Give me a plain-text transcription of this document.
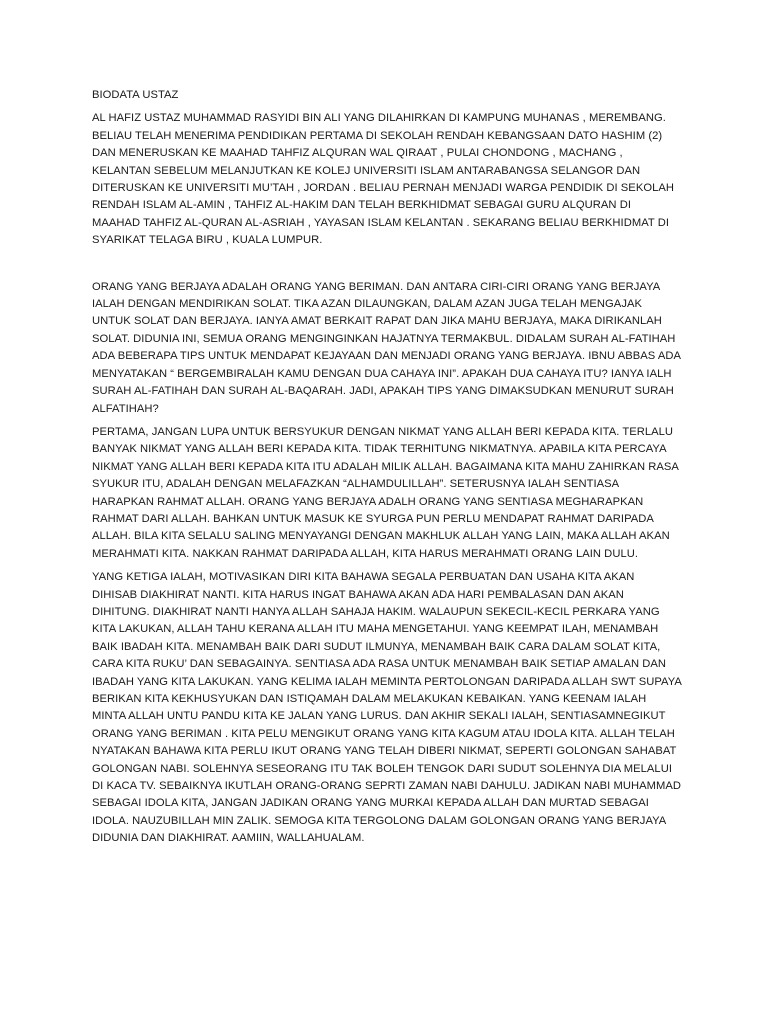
BIODATA USTAZ

AL HAFIZ USTAZ MUHAMMAD RASYIDI BIN ALI YANG DILAHIRKAN DI KAMPUNG MUHANAS , MEREMBANG. BELIAU TELAH MENERIMA PENDIDIKAN PERTAMA DI SEKOLAH RENDAH KEBANGSAAN DATO HASHIM (2) DAN MENERUSKAN KE MAAHAD TAHFIZ ALQURAN WAL QIRAAT , PULAI CHONDONG , MACHANG , KELANTAN SEBELUM MELANJUTKAN KE KOLEJ UNIVERSITI ISLAM ANTARABANGSA SELANGOR DAN DITERUSKAN KE UNIVERSITI MU’TAH , JORDAN . BELIAU PERNAH MENJADI WARGA PENDIDIK DI SEKOLAH RENDAH ISLAM AL-AMIN , TAHFIZ AL-HAKIM DAN TELAH BERKHIDMAT SEBAGAI GURU ALQURAN DI MAAHAD TAHFIZ AL-QURAN AL-ASRIAH , YAYASAN ISLAM KELANTAN . SEKARANG BELIAU BERKHIDMAT DI SYARIKAT TELAGA BIRU , KUALA LUMPUR.

ORANG YANG BERJAYA ADALAH ORANG YANG BERIMAN. DAN ANTARA CIRI-CIRI ORANG YANG BERJAYA IALAH DENGAN MENDIRIKAN SOLAT. TIKA AZAN DILAUNGKAN, DALAM AZAN JUGA TELAH MENGAJAK UNTUK SOLAT DAN BERJAYA. IANYA AMAT BERKAIT RAPAT DAN JIKA MAHU BERJAYA, MAKA DIRIKANLAH SOLAT. DIDUNIA INI, SEMUA ORANG MENGINGINKAN HAJATNYA TERMAKBUL. DIDALAM SURAH AL-FATIHAH ADA BEBERAPA TIPS UNTUK MENDAPAT KEJAYAAN DAN MENJADI ORANG YANG BERJAYA. IBNU ABBAS ADA MENYATAKAN “ BERGEMBIRALAH KAMU DENGAN DUA CAHAYA INI”. APAKAH DUA CAHAYA ITU? IANYA IALH SURAH AL-FATIHAH DAN SURAH AL-BAQARAH. JADI, APAKAH TIPS YANG DIMAKSUDKAN MENURUT SURAH ALFATIHAH?

PERTAMA, JANGAN LUPA UNTUK BERSYUKUR DENGAN NIKMAT YANG ALLAH BERI KEPADA KITA. TERLALU BANYAK NIKMAT YANG ALLAH BERI KEPADA KITA. TIDAK TERHITUNG NIKMATNYA. APABILA KITA PERCAYA NIKMAT YANG ALLAH BERI KEPADA KITA ITU ADALAH MILIK ALLAH. BAGAIMANA KITA MAHU ZAHIRKAN RASA SYUKUR ITU, ADALAH DENGAN MELAFAZKAN “ALHAMDULILLAH”. SETERUSNYA IALAH SENTIASA HARAPKAN RAHMAT ALLAH. ORANG YANG BERJAYA ADALH ORANG YANG SENTIASA MEGHARAPKAN RAHMAT DARI ALLAH. BAHKAN UNTUK MASUK KE SYURGA PUN PERLU MENDAPAT RAHMAT DARIPADA ALLAH. BILA KITA SELALU SALING MENYAYANGI DENGAN MAKHLUK ALLAH YANG LAIN, MAKA ALLAH AKAN MERAHMATI KITA. NAKKAN RAHMAT DARIPADA ALLAH, KITA HARUS MERAHMATI ORANG LAIN DULU.

YANG KETIGA IALAH, MOTIVASIKAN DIRI KITA BAHAWA SEGALA PERBUATAN DAN USAHA KITA AKAN DIHISAB DIAKHIRAT NANTI. KITA HARUS INGAT BAHAWA AKAN ADA HARI PEMBALASAN DAN AKAN DIHITUNG. DIAKHIRAT NANTI HANYA ALLAH SAHAJA HAKIM. WALAUPUN SEKECIL-KECIL PERKARA YANG KITA LAKUKAN, ALLAH TAHU KERANA ALLAH ITU MAHA MENGETAHUI. YANG KEEMPAT ILAH, MENAMBAH BAIK IBADAH KITA. MENAMBAH BAIK DARI SUDUT ILMUNYA, MENAMBAH BAIK CARA DALAM SOLAT KITA, CARA KITA RUKU’ DAN SEBAGAINYA. SENTIASA ADA RASA UNTUK MENAMBAH BAIK SETIAP AMALAN DAN IBADAH YANG KITA LAKUKAN. YANG KELIMA IALAH MEMINTA PERTOLONGAN DARIPADA ALLAH SWT SUPAYA BERIKAN KITA KEKHUSYUKAN DAN ISTIQAMAH DALAM MELAKUKAN KEBAIKAN. YANG KEENAM IALAH MINTA ALLAH UNTU PANDU KITA KE JALAN YANG LURUS. DAN AKHIR SEKALI IALAH, SENTIASAMNEGIKUT ORANG YANG BERIMAN . KITA PELU MENGIKUT ORANG YANG KITA KAGUM ATAU IDOLA KITA. ALLAH TELAH NYATAKAN BAHAWA KITA PERLU IKUT ORANG YANG TELAH DIBERI NIKMAT, SEPERTI GOLONGAN SAHABAT GOLONGAN NABI. SOLEHNYA SESEORANG ITU TAK BOLEH TENGOK DARI SUDUT SOLEHNYA DIA MELALUI DI KACA TV. SEBAIKNYA IKUTLAH ORANG-ORANG SEPRTI ZAMAN NABI DAHULU. JADIKAN NABI MUHAMMAD SEBAGAI IDOLA KITA, JANGAN JADIKAN ORANG YANG MURKAI KEPADA ALLAH DAN MURTAD SEBAGAI IDOLA. NAUZUBILLAH MIN ZALIK. SEMOGA KITA TERGOLONG DALAM GOLONGAN ORANG YANG BERJAYA DIDUNIA DAN DIAKHIRAT. AAMIIN, WALLAHUALAM.
